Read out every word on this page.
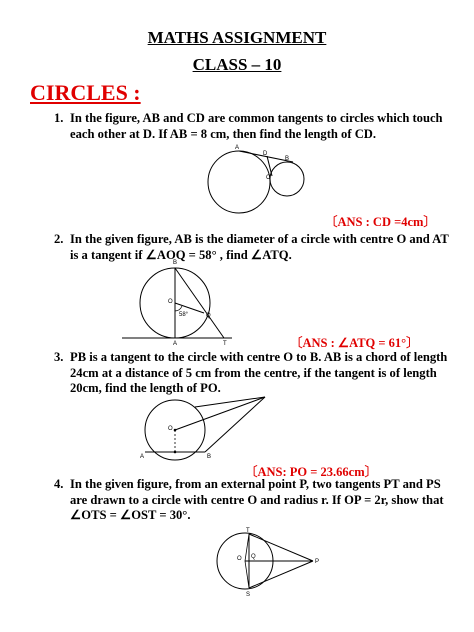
MATHS ASSIGNMENT
CLASS – 10
CIRCLES :
1. In the figure, AB and CD are common tangents to circles which touch each other at D. If AB = 8 cm, then find the length of CD.
A
D
B
C
〔ANS : CD =4cm〕
2. In the given figure, AB is the diameter of a circle with centre O and AT is a tangent if ∠AOQ = 58° , find ∠ATQ.
B
O
58°	Q
A	T	〔ANS : ∠ATQ = 61°〕
3. PB is a tangent to the circle with centre O to B. AB is a chord of length 24cm at a distance of 5 cm from the centre, if the tangent is of length 20cm, find the length of PO.
O
B
A
〔ANS: PO = 23.66cm〕
4. In the given figure, from an external point P, two tangents PT and PS are drawn to a circle with centre O and radius r. If OP = 2r, show that ∠OTS = ∠OST = 30°.
T
O Q
P
S
